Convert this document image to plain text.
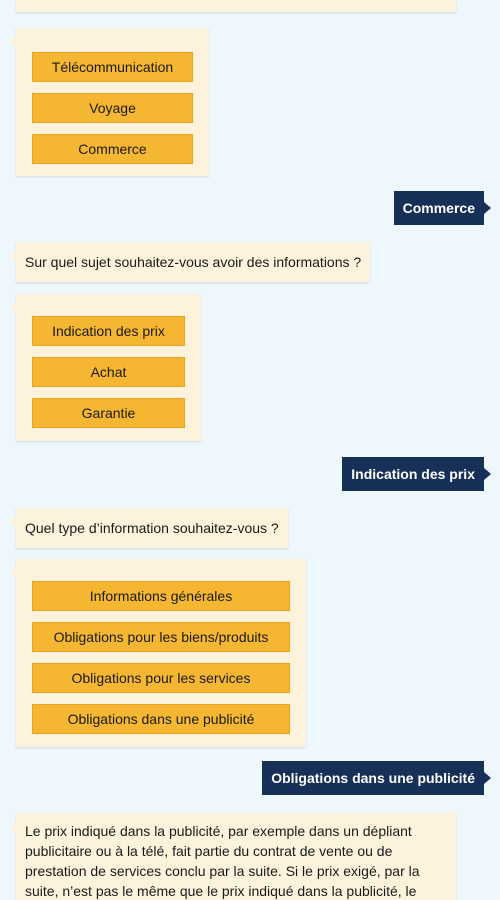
Télécommunication
Voyage
Commerce
Commerce
Sur quel sujet souhaitez-vous avoir des informations ?
Indication des prix
Achat
Garantie
Indication des prix
Quel type d’information souhaitez-vous ?
Informations générales
Obligations pour les biens/produits
Obligations pour les services
Obligations dans une publicité
Obligations dans une publicité
Le prix indiqué dans la publicité, par exemple dans un dépliant publicitaire ou à la télé, fait partie du contrat de vente ou de prestation de services conclu par la suite. Si le prix exigé, par la suite, n’est pas le même que le prix indiqué dans la publicité, le
